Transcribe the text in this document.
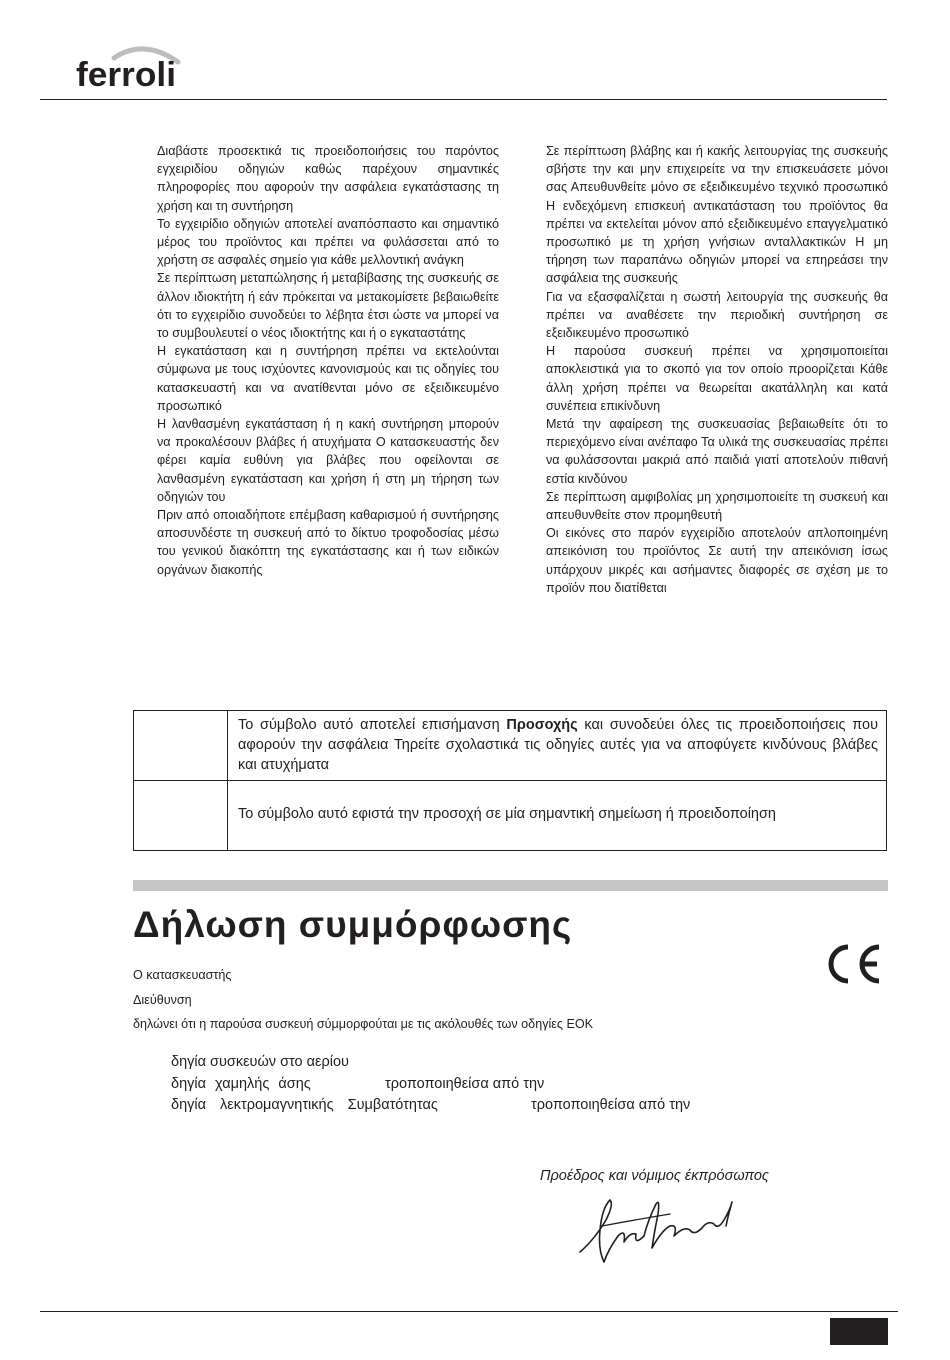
ferroli

Διαβάστε προσεκτικά τις προειδοποιήσεις του παρόντος εγχειριδίου οδηγιών καθώς παρέχουν σημαντικές πληροφορίες που αφορούν την ασφάλεια εγκατάστασης τη χρήση και τη συντήρηση

Το εγχειρίδιο οδηγιών αποτελεί αναπόσπαστο και σημαντικό μέρος του προϊόντος και πρέπει να φυλάσσεται από το χρήστη σε ασφαλές σημείο για κάθε μελλοντική ανάγκη

Σε περίπτωση μεταπώλησης ή μεταβίβασης της συσκευής σε άλλον ιδιοκτήτη ή εάν πρόκειται να μετακομίσετε βεβαιωθείτε ότι το εγχειρίδιο συνοδεύει το λέβητα έτσι ώστε να μπορεί να το συμβουλευτεί ο νέος ιδιοκτήτης και ή ο εγκαταστάτης

Η εγκατάσταση και η συντήρηση πρέπει να εκτελούνται σύμφωνα με τους ισχύοντες κανονισμούς και τις οδηγίες του κατασκευαστή και να ανατίθενται μόνο σε εξειδικευμένο προσωπικό

Η λανθασμένη εγκατάσταση ή η κακή συντήρηση μπορούν να προκαλέσουν βλάβες ή ατυχήματα Ο κατασκευαστής δεν φέρει καμία ευθύνη για βλάβες που οφείλονται σε λανθασμένη εγκατάσταση και χρήση ή στη μη τήρηση των οδηγιών του

Πριν από οποιαδήποτε επέμβαση καθαρισμού ή συντήρησης αποσυνδέστε τη συσκευή από το δίκτυο τροφοδοσίας μέσω του γενικού διακόπτη της εγκατάστασης και ή των ειδικών οργάνων διακοπής

Σε περίπτωση βλάβης και ή κακής λειτουργίας της συσκευής σβήστε την και μην επιχειρείτε να την επισκευάσετε μόνοι σας Απευθυνθείτε μόνο σε εξειδικευμένο τεχνικό προσωπικό Η ενδεχόμενη επισκευή αντικατάσταση του προϊόντος θα πρέπει να εκτελείται μόνον από εξειδικευμένο επαγγελματικό προσωπικό με τη χρήση γνήσιων ανταλλακτικών Η μη τήρηση των παραπάνω οδηγιών μπορεί να επηρεάσει την ασφάλεια της συσκευής

Για να εξασφαλίζεται η σωστή λειτουργία της συσκευής θα πρέπει να αναθέσετε την περιοδική συντήρηση σε εξειδικευμένο προσωπικό

Η παρούσα συσκευή πρέπει να χρησιμοποιείται αποκλειστικά για το σκοπό για τον οποίο προορίζεται Κάθε άλλη χρήση πρέπει να θεωρείται ακατάλληλη και κατά συνέπεια επικίνδυνη

Μετά την αφαίρεση της συσκευασίας βεβαιωθείτε ότι το περιεχόμενο είναι ανέπαφο Τα υλικά της συσκευασίας πρέπει να φυλάσσονται μακριά από παιδιά γιατί αποτελούν πιθανή εστία κινδύνου

Σε περίπτωση αμφιβολίας μη χρησιμοποιείτε τη συσκευή και απευθυνθείτε στον προμηθευτή

Οι εικόνες στο παρόν εγχειρίδιο αποτελούν απλοποιημένη απεικόνιση του προϊόντος Σε αυτή την απεικόνιση ίσως υπάρχουν μικρές και ασήμαντες διαφορές σε σχέση με το προϊόν που διατίθεται

Το σύμβολο αυτό αποτελεί επισήμανση Προσοχής και συνοδεύει όλες τις προειδοποιήσεις που αφορούν την ασφάλεια Τηρείτε σχολαστικά τις οδηγίες αυτές για να αποφύγετε κινδύνους βλάβες και ατυχήματα
Το σύμβολο αυτό εφιστά την προσοχή σε μία σημαντική σημείωση ή προειδοποίηση
Δήλωση συμμόρφωσης
Ο κατασκευαστής
Διεύθυνση
δηλώνει ότι η παρούσα συσκευή σύμμορφούται με τις ακόλουθές των οδηγίες ΕΟΚ
δηγία συσκευών στο αερίου
δηγία χαμηλής άσης	τροποποιηθείσα από την
δηγία λεκτρομαγνητικής Συμβατότητας	τροποποιηθείσα από την
Προέδρος και νόμιμος έκπρόσωπος
